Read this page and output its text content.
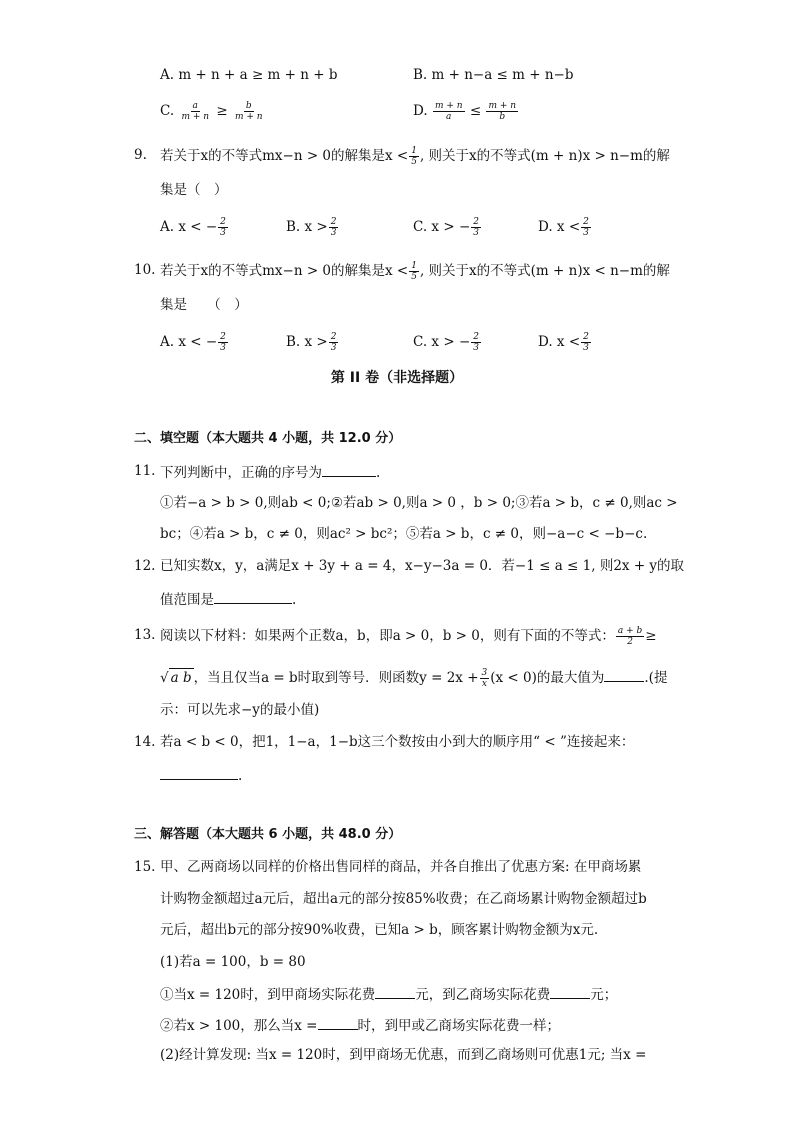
A. m + n + a ≥ m + n + b	B. m + n−a ≤ m + n−b
C. $\frac{a}{m + n} \ge \frac{b}{m + n}$	D. $\frac{m + n}{a} \le \frac{m + n}{b}$
9. 若关于x的不等式mx−n > 0的解集是$x < \frac{1}{5}$ , 则关于x的不等式(m + n)x > n−m的解
集是（　）
A. x < − $\frac{2}{3}$	B. $x > \frac{2}{3}$	C. x > − $\frac{2}{3}$	D. $x < \frac{2}{3}$
10. 若关于x的不等式mx−n > 0的解集是$x < \frac{1}{5}$ , 则关于x的不等式(m + n)x < n−m的解
集是　　（　）
A. x < − $\frac{2}{3}$	B. $x > \frac{2}{3}$	C. x > − $\frac{2}{3}$	D. $x < \frac{2}{3}$
第 II 卷（非选择题）
二、填空题（本大题共 4 小题，共 12.0 分）
11. 下列判断中，正确的序号为	.
①若−a > b > 0,则ab < 0;②若ab > 0,则a > 0 ，b > 0;③若a > b，c ≠ 0,则ac >
bc；④若a > b，c ≠ 0，则ac² > bc²；⑤若a > b，c ≠ 0，则−a−c < −b−c.
12. 已知实数x，y，a满足x + 3y + a = 4，x−y−3a = 0．若−1 ≤ a ≤ 1, 则2x + y的取
值范围是	.
13. 阅读以下材料：如果两个正数a，b，即a > 0，b > 0，则有下面的不等式： $\frac{a + b}{2}$ ≥
√ a b ，当且仅当a = b时取到等号．则函数$y = 2x + \frac{3}{x} (x < 0)$的最大值为	.(提
示：可以先求−y的最小值)
14. 若a < b < 0，把1，1−a，1−b这三个数按由小到大的顺序用“ < ”连接起来：
.
三、解答题（本大题共 6 小题，共 48.0 分）
15. 甲、乙两商场以同样的价格出售同样的商品，并各自推出了优惠方案: 在甲商场累
计购物金额超过a元后，超出a元的部分按85%收费；在乙商场累计购物金额超过b
元后，超出b元的部分按90%收费，已知a > b，顾客累计购物金额为x元.
(1)若a = 100，b = 80
①当x = 120时，到甲商场实际花费	元，到乙商场实际花费	元；
②若x > 100，那么当x =	时，到甲或乙商场实际花费一样；
(2)经计算发现: 当x = 120时，到甲商场无优惠，而到乙商场则可优惠1元; 当x =
